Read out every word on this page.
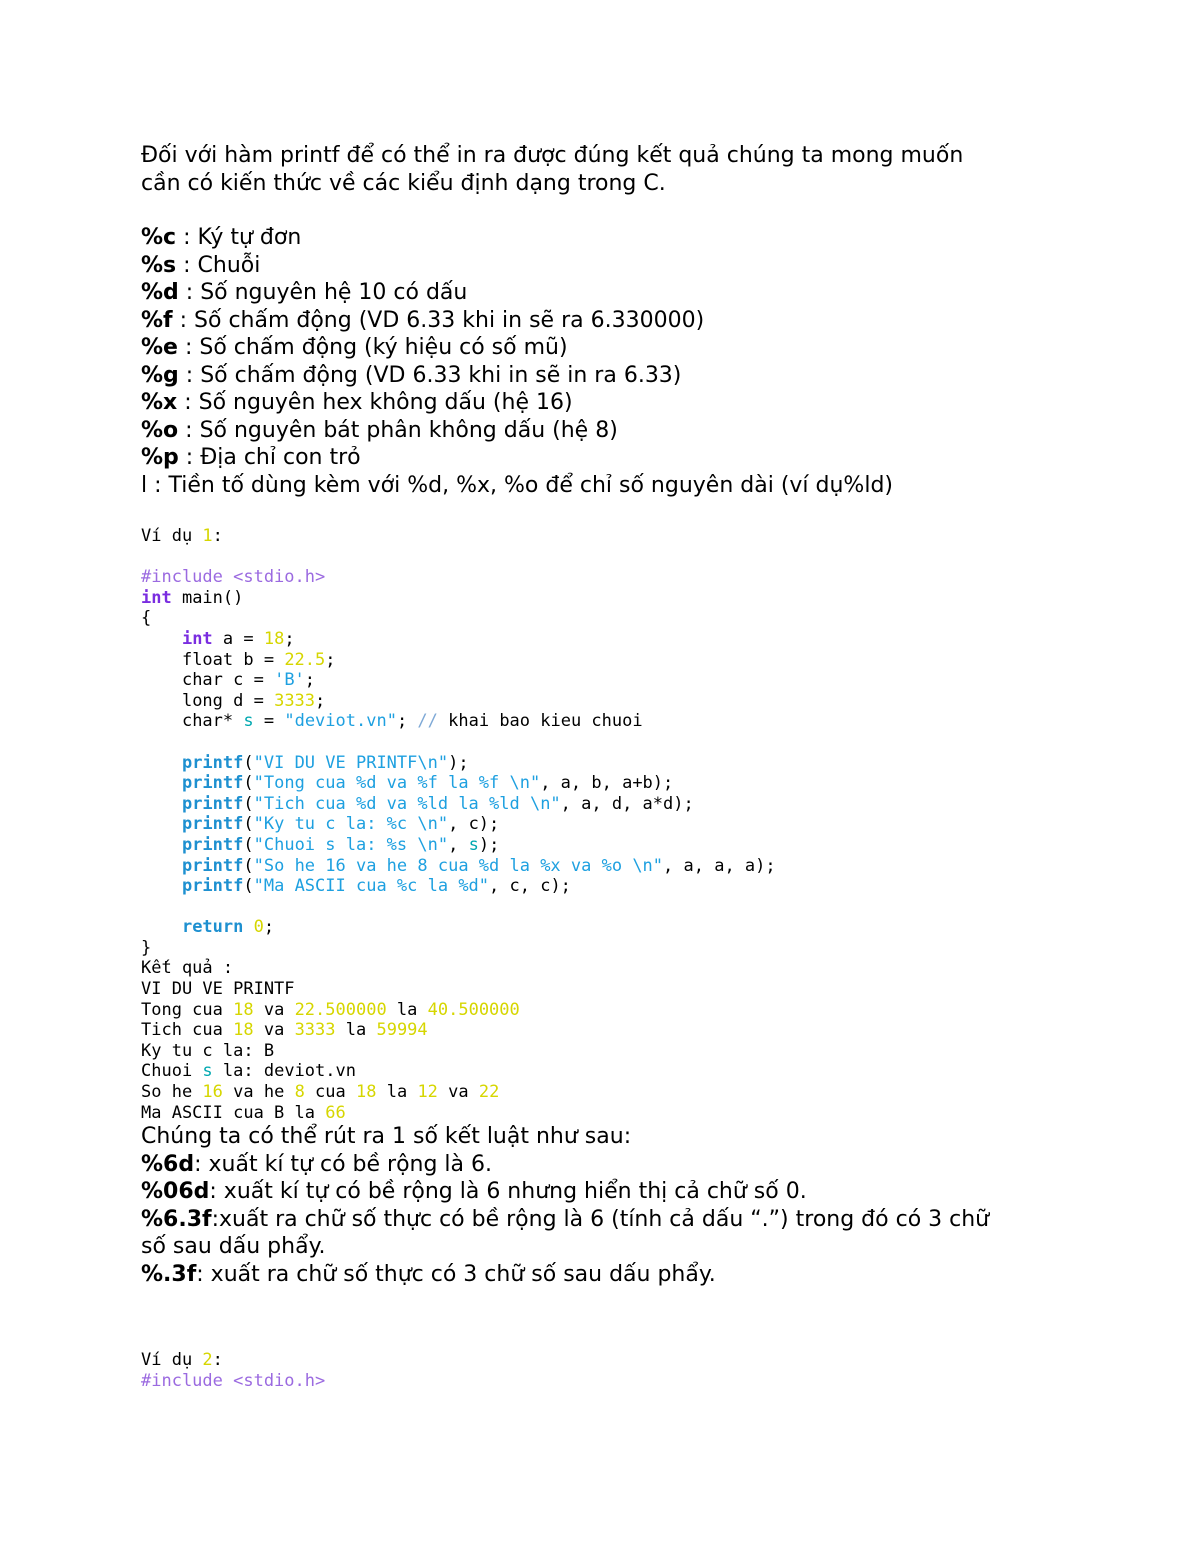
Đối với hàm printf để có thể in ra được đúng kết quả chúng ta mong muốn
cần có kiến thức về các kiểu định dạng trong C.
%c : Ký tự đơn
%s : Chuỗi
%d : Số nguyên hệ 10 có dấu
%f : Số chấm động (VD 6.33 khi in sẽ ra 6.330000)
%e : Số chấm động (ký hiệu có số mũ)
%g : Số chấm động (VD 6.33 khi in sẽ in ra 6.33)
%x : Số nguyên hex không dấu (hệ 16)
%o : Số nguyên bát phân không dấu (hệ 8)
%p : Địa chỉ con trỏ
l : Tiền tố dùng kèm với %d, %x, %o để chỉ số nguyên dài (ví dụ%ld)
Ví dụ 1:

#include <stdio.h>
int main()
{
int a = 18;
float b = 22.5;
char c = 'B';
long d = 3333;
char* s = "deviot.vn"; // khai bao kieu chuoi

printf("VI DU VE PRINTF\n");
printf("Tong cua %d va %f la %f \n", a, b, a+b);
printf("Tich cua %d va %ld la %ld \n", a, d, a*d);
printf("Ky tu c la: %c \n", c);
printf("Chuoi s la: %s \n", s);
printf("So he 16 va he 8 cua %d la %x va %o \n", a, a, a);
printf("Ma ASCII cua %c la %d", c, c);

return 0;
}
Kết quả :
VI DU VE PRINTF
Tong cua 18 va 22.500000 la 40.500000
Tich cua 18 va 3333 la 59994
Ky tu c la: B
Chuoi s la: deviot.vn
So he 16 va he 8 cua 18 la 12 va 22
Ma ASCII cua B la 66
Chúng ta có thể rút ra 1 số kết luật như sau:
%6d: xuất kí tự có bề rộng là 6.
%06d: xuất kí tự có bề rộng là 6 nhưng hiển thị cả chữ số 0.
%6.3f:xuất ra chữ số thực có bề rộng là 6 (tính cả dấu “.”) trong đó có 3 chữ
số sau dấu phẩy.
%.3f: xuất ra chữ số thực có 3 chữ số sau dấu phẩy.
Ví dụ 2:
#include <stdio.h>
